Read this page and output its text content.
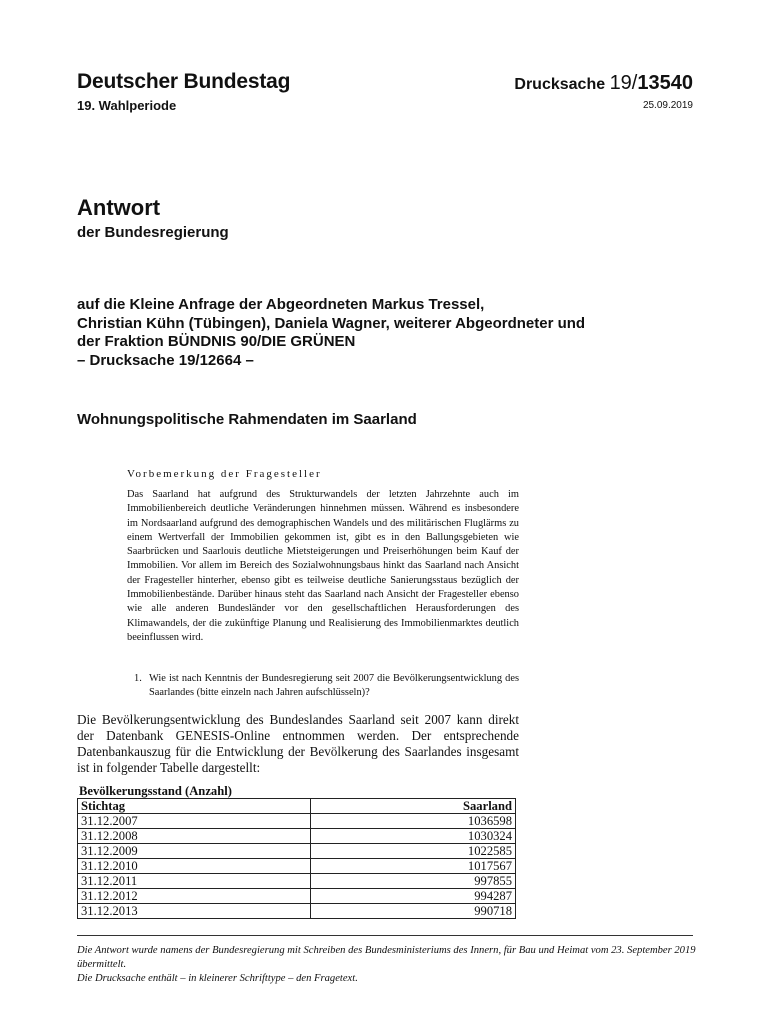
Deutscher Bundestag
19. Wahlperiode
Drucksache 19/13540
25.09.2019
Antwort
der Bundesregierung
auf die Kleine Anfrage der Abgeordneten Markus Tressel,
Christian Kühn (Tübingen), Daniela Wagner, weiterer Abgeordneter und
der Fraktion BÜNDNIS 90/DIE GRÜNEN
– Drucksache 19/12664 –
Wohnungspolitische Rahmendaten im Saarland
Vorbemerkung der Fragesteller
Das Saarland hat aufgrund des Strukturwandels der letzten Jahrzehnte auch im Immobilienbereich deutliche Veränderungen hinnehmen müssen. Während es insbesondere im Nordsaarland aufgrund des demographischen Wandels und des militärischen Fluglärms zu einem Wertverfall der Immobilien gekommen ist, gibt es in den Ballungsgebieten wie Saarbrücken und Saarlouis deutliche Mietsteigerungen und Preiserhöhungen beim Kauf der Immobilien. Vor allem im Bereich des Sozialwohnungsbaus hinkt das Saarland nach Ansicht der Fragesteller hinterher, ebenso gibt es teilweise deutliche Sanierungsstaus bezüglich der Immobilienbestände. Darüber hinaus steht das Saarland nach Ansicht der Fragesteller ebenso wie alle anderen Bundesländer vor den gesellschaftlichen Herausforderungen des Klimawandels, der die zukünftige Planung und Realisierung des Immobilienmarktes deutlich beeinflussen wird.
1. Wie ist nach Kenntnis der Bundesregierung seit 2007 die Bevölkerungsentwicklung des Saarlandes (bitte einzeln nach Jahren aufschlüsseln)?
Die Bevölkerungsentwicklung des Bundeslandes Saarland seit 2007 kann direkt der Datenbank GENESIS-Online entnommen werden. Der entsprechende Datenbankauszug für die Entwicklung der Bevölkerung des Saarlandes insgesamt ist in folgender Tabelle dargestellt:
Bevölkerungsstand (Anzahl)
Stichtag	Saarland
31.12.2007	1036598
31.12.2008	1030324
31.12.2009	1022585
31.12.2010	1017567
31.12.2011	997855
31.12.2012	994287
31.12.2013	990718
Die Antwort wurde namens der Bundesregierung mit Schreiben des Bundesministeriums des Innern, für Bau und Heimat vom 23. September 2019 übermittelt.
Die Drucksache enthält – in kleinerer Schrifttype – den Fragetext.
